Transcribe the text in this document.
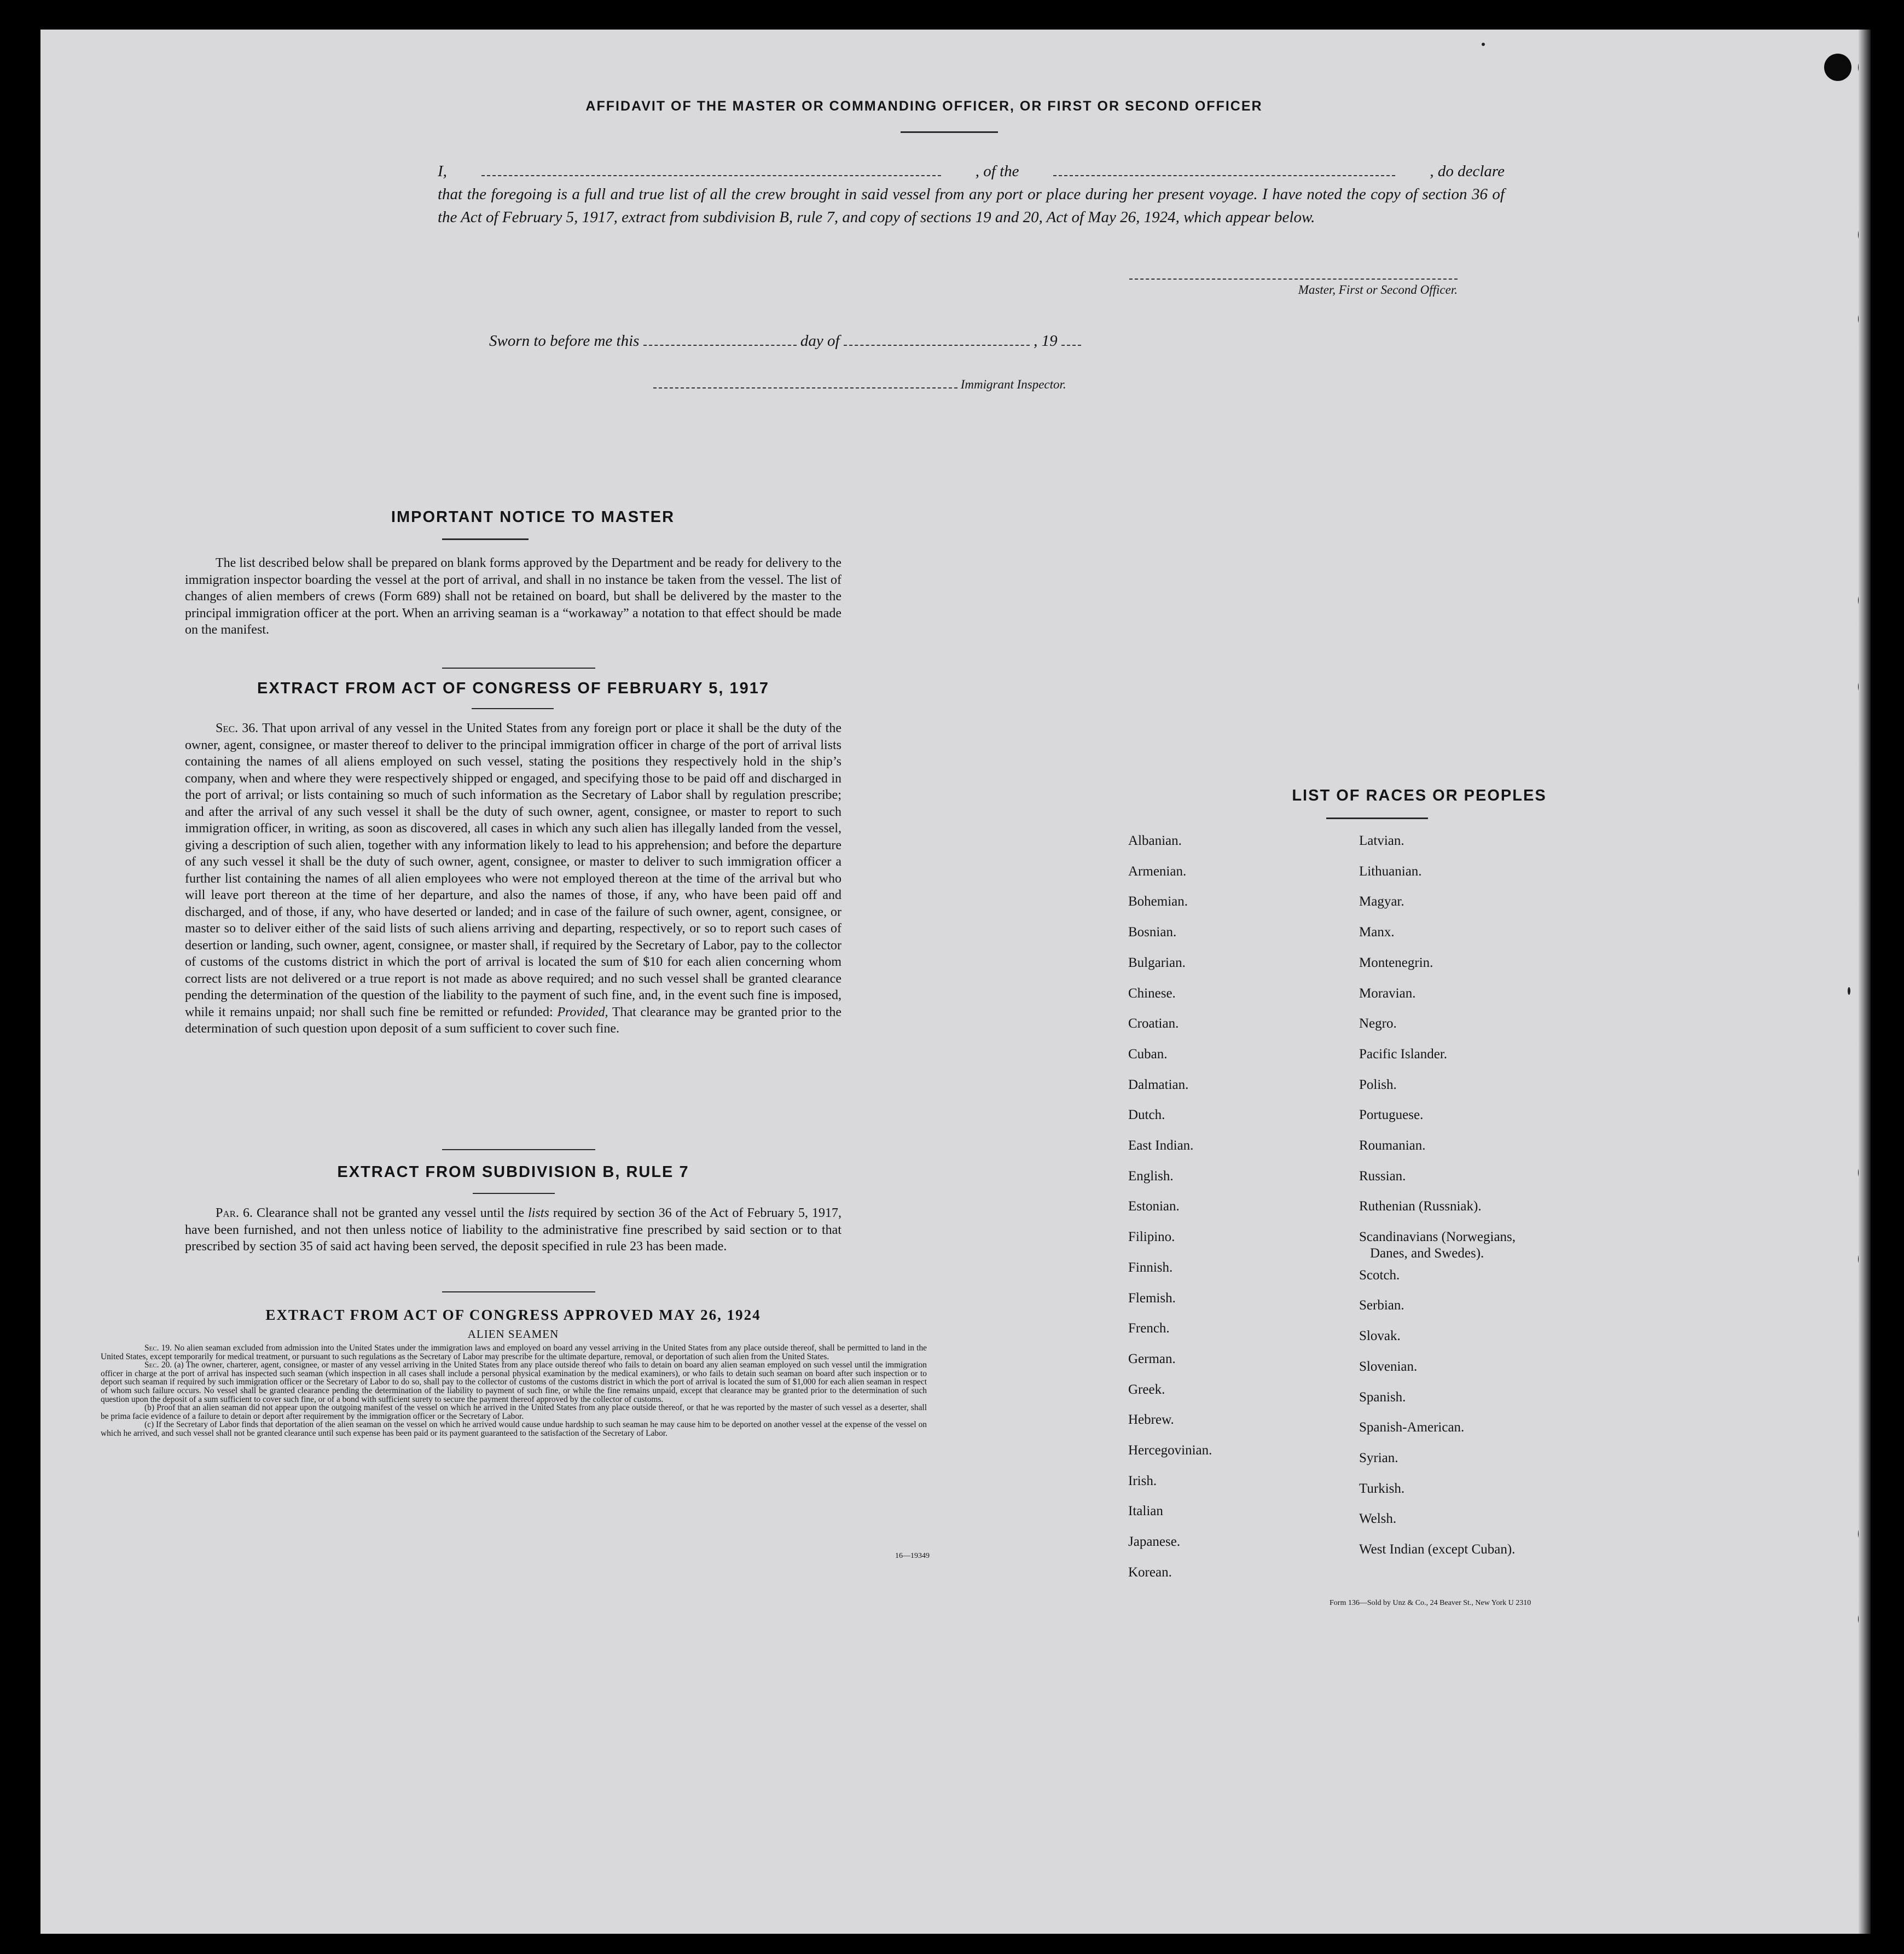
AFFIDAVIT OF THE MASTER OR COMMANDING OFFICER, OR FIRST OR SECOND OFFICER
I,	, of the	, do declare
that the foregoing is a full and true list of all the crew brought in said vessel from any port or place during her present voyage. I have noted the copy of section 36 of the Act of February 5, 1917, extract from subdivision B, rule 7, and copy of sections 19 and 20, Act of May 26, 1924, which appear below.
Master, First or Second Officer.
Sworn to before me this	day of	, 19
Immigrant Inspector.
IMPORTANT NOTICE TO MASTER
The list described below shall be prepared on blank forms approved by the Department and be ready for delivery to the immigration inspector boarding the vessel at the port of arrival, and shall in no instance be taken from the vessel. The list of changes of alien members of crews (Form 689) shall not be retained on board, but shall be delivered by the master to the principal immigration officer at the port. When an arriving seaman is a “workaway” a notation to that effect should be made on the manifest.
EXTRACT FROM ACT OF CONGRESS OF FEBRUARY 5, 1917
Sec. 36. That upon arrival of any vessel in the United States from any foreign port or place it shall be the duty of the owner, agent, consignee, or master thereof to deliver to the principal immigration officer in charge of the port of arrival lists containing the names of all aliens employed on such vessel, stating the positions they respectively hold in the ship’s company, when and where they were respectively shipped or engaged, and specifying those to be paid off and discharged in the port of arrival; or lists containing so much of such information as the Secretary of Labor shall by regulation prescribe; and after the arrival of any such vessel it shall be the duty of such owner, agent, consignee, or master to report to such immigration officer, in writing, as soon as discovered, all cases in which any such alien has illegally landed from the vessel, giving a description of such alien, together with any information likely to lead to his apprehension; and before the departure of any such vessel it shall be the duty of such owner, agent, consignee, or master to deliver to such immigration officer a further list containing the names of all alien employees who were not employed thereon at the time of the arrival but who will leave port thereon at the time of her departure, and also the names of those, if any, who have been paid off and discharged, and of those, if any, who have deserted or landed; and in case of the failure of such owner, agent, consignee, or master so to deliver either of the said lists of such aliens arriving and departing, respectively, or so to report such cases of desertion or landing, such owner, agent, consignee, or master shall, if required by the Secretary of Labor, pay to the collector of customs of the customs district in which the port of arrival is located the sum of $10 for each alien concerning whom correct lists are not delivered or a true report is not made as above required; and no such vessel shall be granted clearance pending the determination of the question of the liability to the payment of such fine, and, in the event such fine is imposed, while it remains unpaid; nor shall such fine be remitted or refunded: Provided, That clearance may be granted prior to the determination of such question upon deposit of a sum sufficient to cover such fine.
EXTRACT FROM SUBDIVISION B, RULE 7
Par. 6. Clearance shall not be granted any vessel until the lists required by section 36 of the Act of February 5, 1917, have been furnished, and not then unless notice of liability to the administrative fine prescribed by said section or to that prescribed by section 35 of said act having been served, the deposit specified in rule 23 has been made.
EXTRACT FROM ACT OF CONGRESS APPROVED MAY 26, 1924
ALIEN SEAMEN
Sec. 19. No alien seaman excluded from admission into the United States under the immigration laws and employed on board any vessel arriving in the United States from any place outside thereof, shall be permitted to land in the United States, except temporarily for medical treatment, or pursuant to such regulations as the Secretary of Labor may prescribe for the ultimate departure, removal, or deportation of such alien from the United States.
Sec. 20. (a) The owner, charterer, agent, consignee, or master of any vessel arriving in the United States from any place outside thereof who fails to detain on board any alien seaman employed on such vessel until the immigration officer in charge at the port of arrival has inspected such seaman (which inspection in all cases shall include a personal physical examination by the medical examiners), or who fails to detain such seaman on board after such inspection or to deport such seaman if required by such immigration officer or the Secretary of Labor to do so, shall pay to the collector of customs of the customs district in which the port of arrival is located the sum of $1,000 for each alien seaman in respect of whom such failure occurs. No vessel shall be granted clearance pending the determination of the liability to payment of such fine, or while the fine remains unpaid, except that clearance may be granted prior to the determination of such question upon the deposit of a sum sufficient to cover such fine, or of a bond with sufficient surety to secure the payment thereof approved by the collector of customs.
(b) Proof that an alien seaman did not appear upon the outgoing manifest of the vessel on which he arrived in the United States from any place outside thereof, or that he was reported by the master of such vessel as a deserter, shall be prima facie evidence of a failure to detain or deport after requirement by the immigration officer or the Secretary of Labor.
(c) If the Secretary of Labor finds that deportation of the alien seaman on the vessel on which he arrived would cause undue hardship to such seaman he may cause him to be deported on another vessel at the expense of the vessel on which he arrived, and such vessel shall not be granted clearance until such expense has been paid or its payment guaranteed to the satisfaction of the Secretary of Labor.
16—19349
LIST OF RACES OR PEOPLES
Albanian.
Armenian.
Bohemian.
Bosnian.
Bulgarian.
Chinese.
Croatian.
Cuban.
Dalmatian.
Dutch.
East Indian.
English.
Estonian.
Filipino.
Finnish.
Flemish.
French.
German.
Greek.
Hebrew.
Hercegovinian.
Irish.
Italian
Japanese.
Korean.
Latvian.
Lithuanian.
Magyar.
Manx.
Montenegrin.
Moravian.
Negro.
Pacific Islander.
Polish.
Portuguese.
Roumanian.
Russian.
Ruthenian (Russniak).
Scandinavians (Norwegians,
Danes, and Swedes).
Scotch.
Serbian.
Slovak.
Slovenian.
Spanish.
Spanish-American.
Syrian.
Turkish.
Welsh.
West Indian (except Cuban).
Form 136—Sold by Unz & Co., 24 Beaver St., New York U 2310
